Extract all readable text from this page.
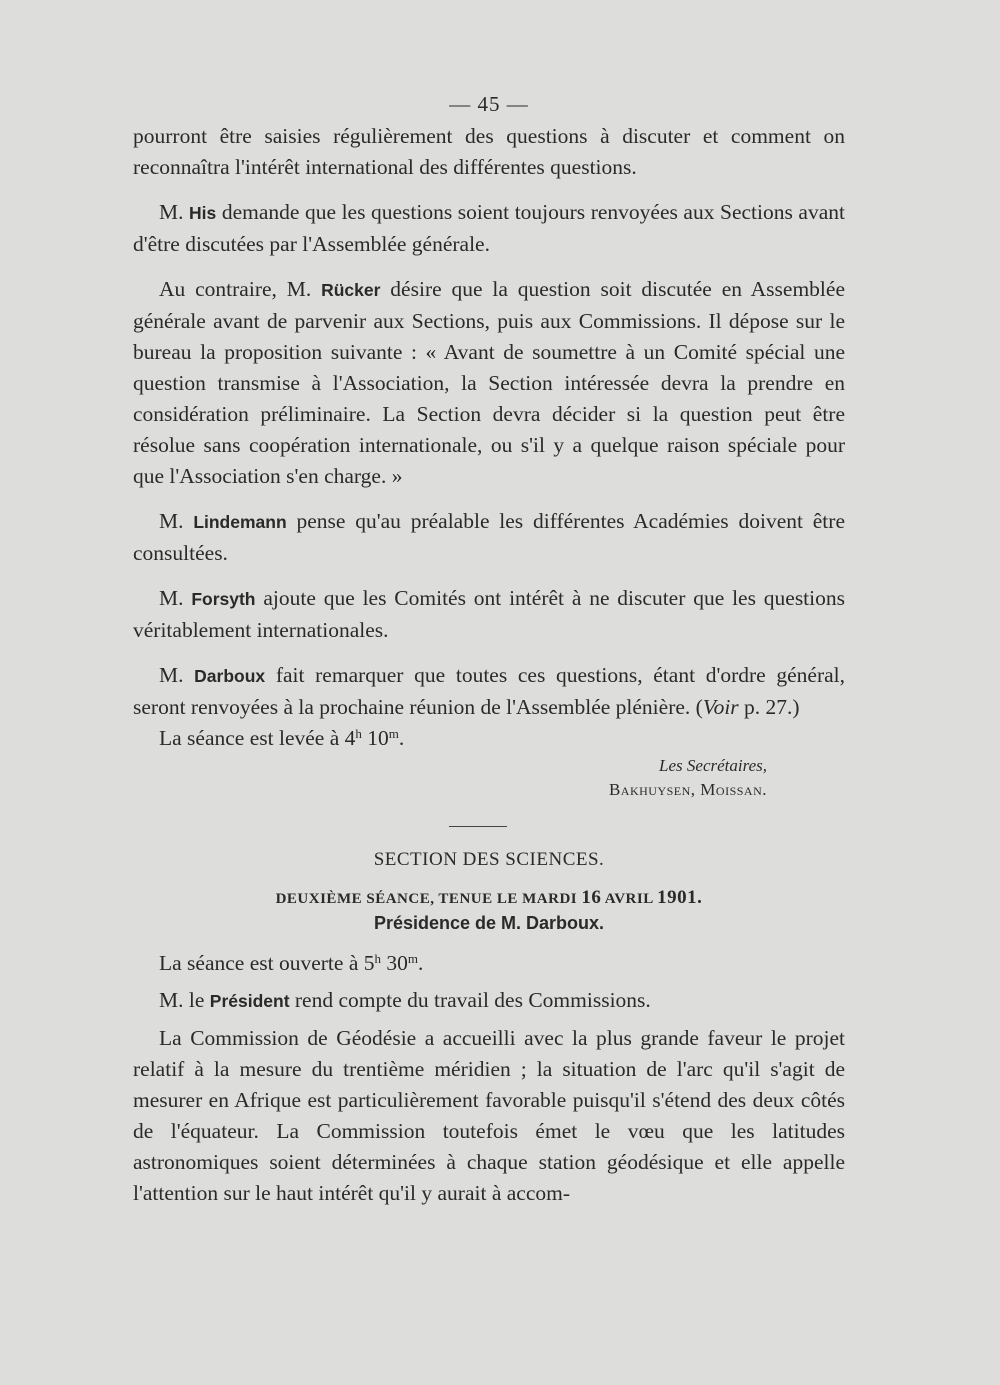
— 45 —

pourront être saisies régulièrement des questions à discuter et comment on reconnaîtra l'intérêt international des différentes questions.

M. His demande que les questions soient toujours renvoyées aux Sections avant d'être discutées par l'Assemblée générale.

Au contraire, M. Rücker désire que la question soit discutée en Assemblée générale avant de parvenir aux Sections, puis aux Commissions. Il dépose sur le bureau la proposition suivante : « Avant de soumettre à un Comité spécial une question transmise à l'Association, la Section intéressée devra la prendre en considération préliminaire. La Section devra décider si la question peut être résolue sans coopération internationale, ou s'il y a quelque raison spéciale pour que l'Association s'en charge. »

M. Lindemann pense qu'au préalable les différentes Académies doivent être consultées.

M. Forsyth ajoute que les Comités ont intérêt à ne discuter que les questions véritablement internationales.

M. Darboux fait remarquer que toutes ces questions, étant d'ordre général, seront renvoyées à la prochaine réunion de l'Assemblée plénière. (Voir p. 27.)

La séance est levée à 4$^h$ 10$^m$.

Les Secrétaires,
Bakhuysen, Moissan.
SECTION DES SCIENCES.
DEUXIÈME SÉANCE, TENUE LE MARDI 16 AVRIL 1901.
Présidence de M. Darboux.

La séance est ouverte à 5$^h$ 30$^m$.

M. le Président rend compte du travail des Commissions.

La Commission de Géodésie a accueilli avec la plus grande faveur le projet relatif à la mesure du trentième méridien ; la situation de l'arc qu'il s'agit de mesurer en Afrique est particulièrement favorable puisqu'il s'étend des deux côtés de l'équateur. La Commission toutefois émet le vœu que les latitudes astronomiques soient déterminées à chaque station géodésique et elle appelle l'attention sur le haut intérêt qu'il y aurait à accom-
